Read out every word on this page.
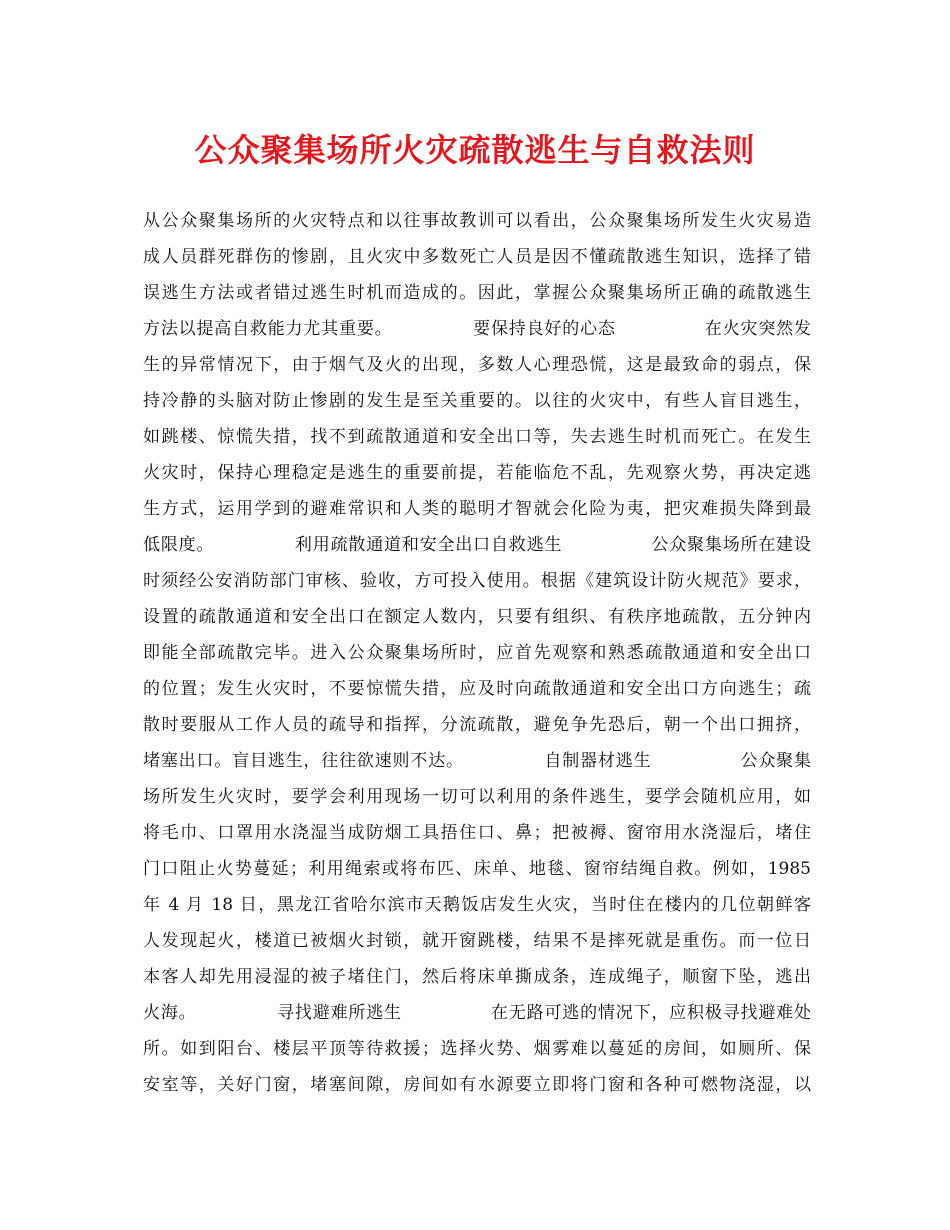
公众聚集场所火灾疏散逃生与自救法则
从公众聚集场所的火灾特点和以往事故教训可以看出，公众聚集场所发生火灾易造
成人员群死群伤的惨剧，且火灾中多数死亡人员是因不懂疏散逃生知识，选择了错
误逃生方法或者错过逃生时机而造成的。因此，掌握公众聚集场所正确的疏散逃生
方法以提高自救能力尤其重要。　　　　　要保持良好的心态　　　　　在火灾突然发
生的异常情况下，由于烟气及火的出现，多数人心理恐慌，这是最致命的弱点，保
持冷静的头脑对防止惨剧的发生是至关重要的。以往的火灾中，有些人盲目逃生，
如跳楼、惊慌失措，找不到疏散通道和安全出口等，失去逃生时机而死亡。在发生
火灾时，保持心理稳定是逃生的重要前提，若能临危不乱，先观察火势，再决定逃
生方式，运用学到的避难常识和人类的聪明才智就会化险为夷，把灾难损失降到最
低限度。　　　　　利用疏散通道和安全出口自救逃生　　　　　公众聚集场所在建设
时须经公安消防部门审核、验收，方可投入使用。根据《建筑设计防火规范》要求，
设置的疏散通道和安全出口在额定人数内，只要有组织、有秩序地疏散，五分钟内
即能全部疏散完毕。进入公众聚集场所时，应首先观察和熟悉疏散通道和安全出口
的位置；发生火灾时，不要惊慌失措，应及时向疏散通道和安全出口方向逃生；疏
散时要服从工作人员的疏导和指挥，分流疏散，避免争先恐后，朝一个出口拥挤，
堵塞出口。盲目逃生，往往欲速则不达。　　　　　自制器材逃生　　　　　公众聚集
场所发生火灾时，要学会利用现场一切可以利用的条件逃生，要学会随机应用，如
将毛巾、口罩用水浇湿当成防烟工具捂住口、鼻；把被褥、窗帘用水浇湿后，堵住
门口阻止火势蔓延；利用绳索或将布匹、床单、地毯、窗帘结绳自救。例如，1985
年 4 月 18 日，黑龙江省哈尔滨市天鹅饭店发生火灾，当时住在楼内的几位朝鲜客
人发现起火，楼道已被烟火封锁，就开窗跳楼，结果不是摔死就是重伤。而一位日
本客人却先用浸湿的被子堵住门，然后将床单撕成条，连成绳子，顺窗下坠，逃出
火海。　　　　　寻找避难所逃生　　　　　在无路可逃的情况下，应积极寻找避难处
所。如到阳台、楼层平顶等待救援；选择火势、烟雾难以蔓延的房间，如厕所、保
安室等，关好门窗，堵塞间隙，房间如有水源要立即将门窗和各种可燃物浇湿，以
